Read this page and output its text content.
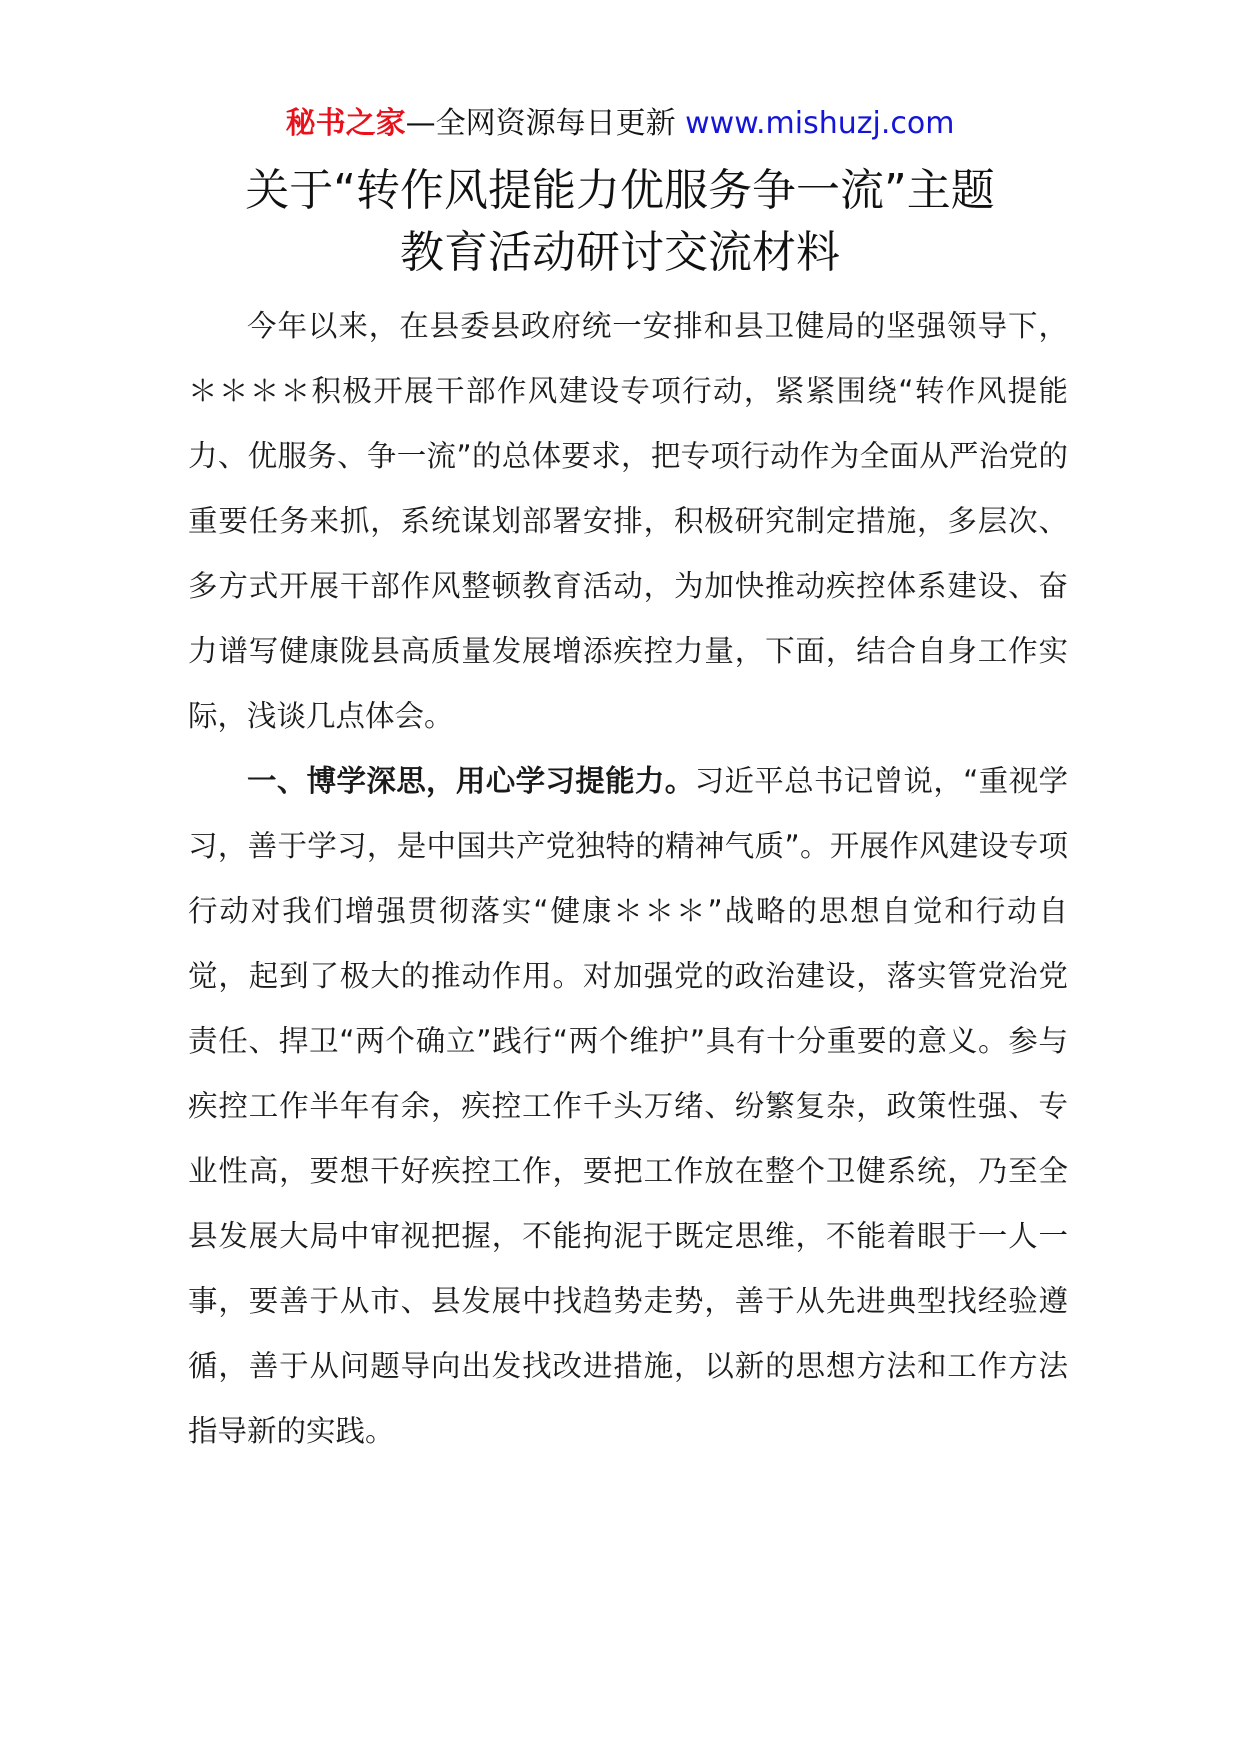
秘书之家—全网资源每日更新 www.mishuzj.com
关于“转作风提能力优服务争一流”主题
教育活动研讨交流材料

今年以来，在县委县政府统一安排和县卫健局的坚强领导下，＊＊＊＊积极开展干部作风建设专项行动，紧紧围绕“转作风提能力、优服务、争一流”的总体要求，把专项行动作为全面从严治党的重要任务来抓，系统谋划部署安排，积极研究制定措施，多层次、多方式开展干部作风整顿教育活动，为加快推动疾控体系建设、奋力谱写健康陇县高质量发展增添疾控力量，下面，结合自身工作实际，浅谈几点体会。

一、博学深思，用心学习提能力。习近平总书记曾说，“重视学习，善于学习，是中国共产党独特的精神气质”。开展作风建设专项行动对我们增强贯彻落实“健康＊＊＊”战略的思想自觉和行动自觉，起到了极大的推动作用。对加强党的政治建设，落实管党治党责任、捍卫“两个确立”践行“两个维护”具有十分重要的意义。参与疾控工作半年有余，疾控工作千头万绪、纷繁复杂，政策性强、专业性高，要想干好疾控工作，要把工作放在整个卫健系统，乃至全县发展大局中审视把握，不能拘泥于既定思维，不能着眼于一人一事，要善于从市、县发展中找趋势走势，善于从先进典型找经验遵循，善于从问题导向出发找改进措施，以新的思想方法和工作方法指导新的实践。
